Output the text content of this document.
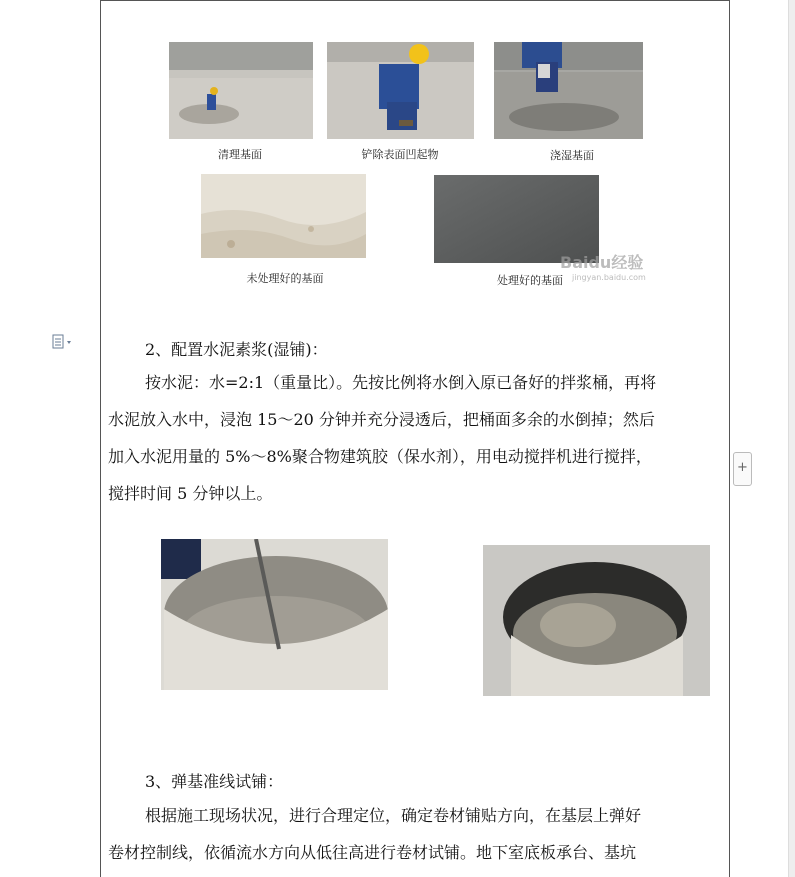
清理基面	铲除表面凹起物	浇湿基面
未处理好的基面	处理好的基面
Baidu经验
jingyan.baidu.com
2、配置水泥素浆(湿铺)：
按水泥：水=2:1（重量比）。先按比例将水倒入原已备好的拌浆桶，再将
水泥放入水中，浸泡 15～20 分钟并充分浸透后，把桶面多余的水倒掉；然后
加入水泥用量的 5%～8%聚合物建筑胶（保水剂），用电动搅拌机进行搅拌，
搅拌时间 5 分钟以上。
+
3、弹基准线试铺：
根据施工现场状况，进行合理定位，确定卷材铺贴方向，在基层上弹好
卷材控制线，依循流水方向从低往高进行卷材试铺。地下室底板承台、基坑
